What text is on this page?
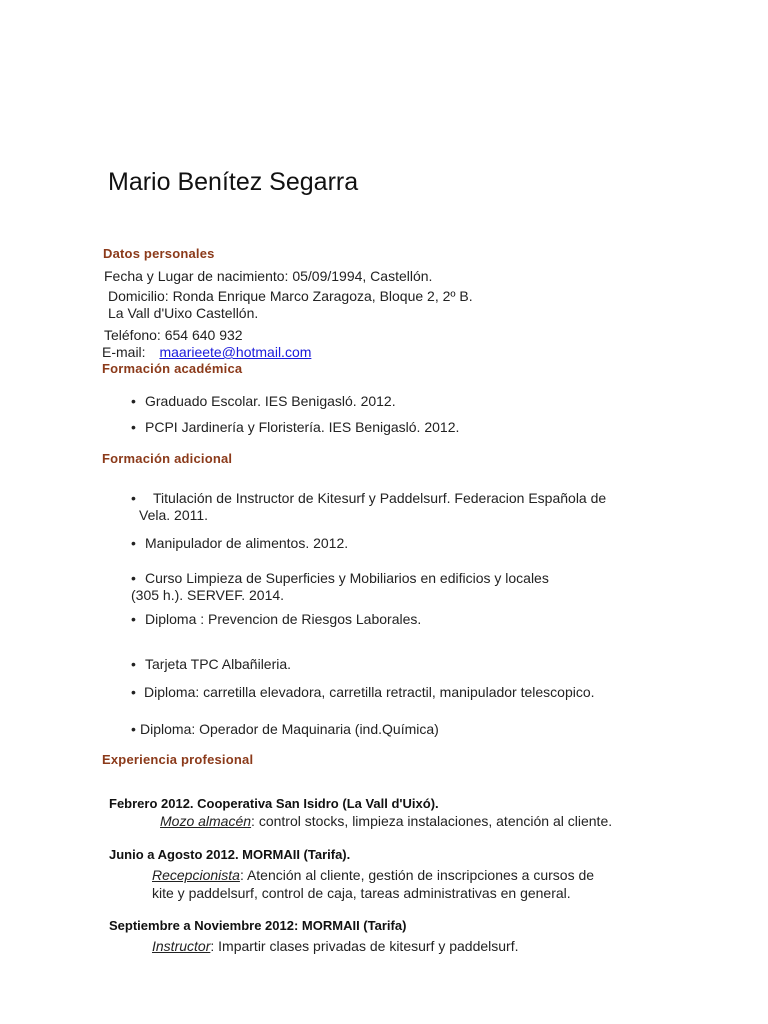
Mario Benítez Segarra
Datos personales
Fecha y Lugar de nacimiento: 05/09/1994, Castellón.
Domicilio: Ronda Enrique Marco Zaragoza, Bloque 2, 2º B.
La Vall d'Uixo Castellón.
Teléfono: 654 640 932
E-mail: maarieete@hotmail.com
Formación académica
• Graduado Escolar. IES Benigasló. 2012.
• PCPI Jardinería y Floristería. IES Benigasló. 2012.
Formación adicional
• Titulación de Instructor de Kitesurf y Paddelsurf. Federacion Española de
Vela. 2011.
• Manipulador de alimentos. 2012.
• Curso Limpieza de Superficies y Mobiliarios en edificios y locales
(305 h.). SERVEF. 2014.
• Diploma : Prevencion de Riesgos Laborales.
• Tarjeta TPC Albañileria.
• Diploma: carretilla elevadora, carretilla retractil, manipulador telescopico.
• Diploma: Operador de Maquinaria (ind.Química)
Experiencia profesional
Febrero 2012. Cooperativa San Isidro (La Vall d'Uixó).
Mozo almacén: control stocks, limpieza instalaciones, atención al cliente.
Junio a Agosto 2012. MORMAII (Tarifa).
Recepcionista: Atención al cliente, gestión de inscripciones a cursos de
kite y paddelsurf, control de caja, tareas administrativas en general.
Septiembre a Noviembre 2012: MORMAII (Tarifa)
Instructor: Impartir clases privadas de kitesurf y paddelsurf.
